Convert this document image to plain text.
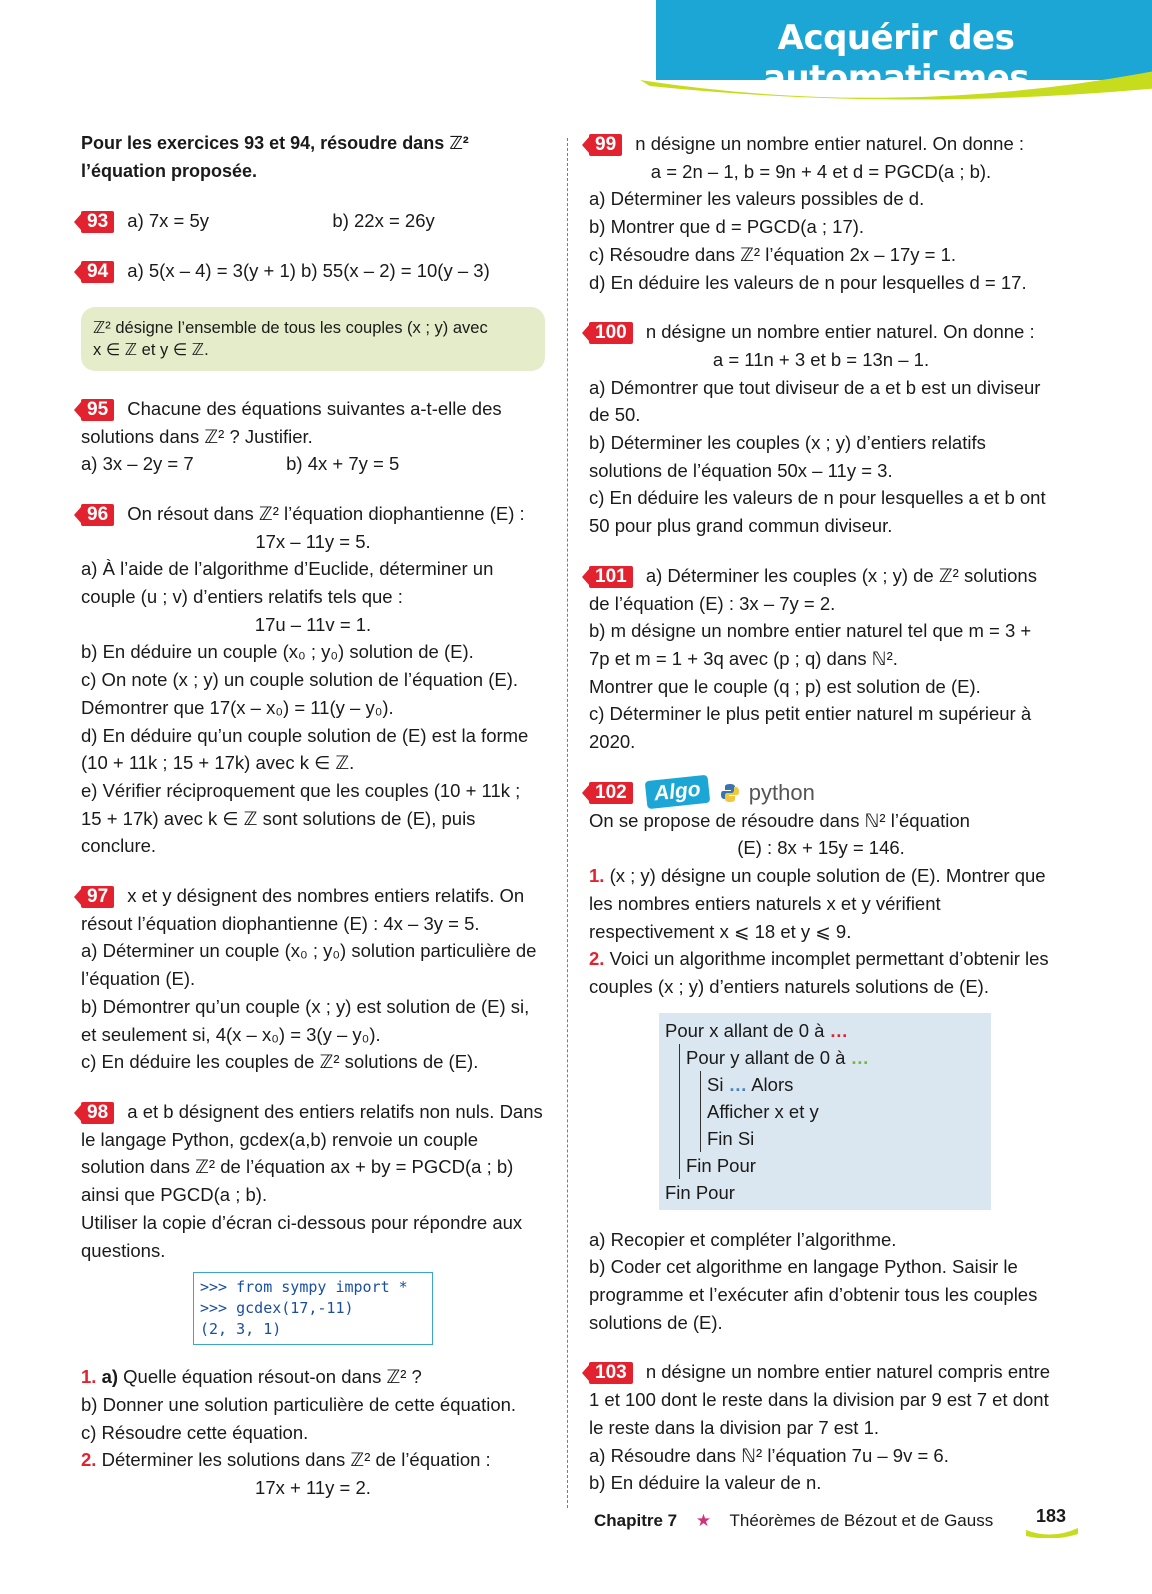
Acquérir des automatismes
Pour les exercices 93 et 94, résoudre dans ℤ² l’équation proposée.
93 a) 7x = 5y	b) 22x = 26y
94 a) 5(x – 4) = 3(y + 1) b) 55(x – 2) = 10(y – 3)
ℤ² désigne l’ensemble de tous les couples (x ; y) avec
x ∈ ℤ et y ∈ ℤ.
95 Chacune des équations suivantes a-t-elle des solutions dans ℤ² ? Justifier.
a) 3x – 2y = 7	b) 4x + 7y = 5
96 On résout dans ℤ² l’équation diophantienne (E) :
17x – 11y = 5.
a) À l’aide de l’algorithme d’Euclide, déterminer un couple (u ; v) d’entiers relatifs tels que :
17u – 11v = 1.
b) En déduire un couple (x₀ ; y₀) solution de (E).
c) On note (x ; y) un couple solution de l’équation (E). Démontrer que 17(x – x₀) = 11(y – y₀).
d) En déduire qu’un couple solution de (E) est la forme (10 + 11k ; 15 + 17k) avec k ∈ ℤ.
e) Vérifier réciproquement que les couples (10 + 11k ; 15 + 17k) avec k ∈ ℤ sont solutions de (E), puis conclure.
97 x et y désignent des nombres entiers relatifs. On résout l’équation diophantienne (E) : 4x – 3y = 5.
a) Déterminer un couple (x₀ ; y₀) solution particulière de l’équation (E).
b) Démontrer qu’un couple (x ; y) est solution de (E) si, et seulement si, 4(x – x₀) = 3(y – y₀).
c) En déduire les couples de ℤ² solutions de (E).
98 a et b désignent des entiers relatifs non nuls. Dans le langage Python, gcdex(a,b) renvoie un couple solution dans ℤ² de l’équation ax + by = PGCD(a ; b) ainsi que PGCD(a ; b).
Utiliser la copie d’écran ci-dessous pour répondre aux questions.
>>> from sympy import *
>>> gcdex(17,-11)
(2, 3, 1)
1. a) Quelle équation résout-on dans ℤ² ?
b) Donner une solution particulière de cette équation.
c) Résoudre cette équation.
2. Déterminer les solutions dans ℤ² de l’équation :
17x + 11y = 2.
99 n désigne un nombre entier naturel. On donne :
a = 2n – 1, b = 9n + 4 et d = PGCD(a ; b).
a) Déterminer les valeurs possibles de d.
b) Montrer que d = PGCD(a ; 17).
c) Résoudre dans ℤ² l’équation 2x – 17y = 1.
d) En déduire les valeurs de n pour lesquelles d = 17.
100 n désigne un nombre entier naturel. On donne :
a = 11n + 3 et b = 13n – 1.
a) Démontrer que tout diviseur de a et b est un diviseur de 50.
b) Déterminer les couples (x ; y) d’entiers relatifs solutions de l’équation 50x – 11y = 3.
c) En déduire les valeurs de n pour lesquelles a et b ont 50 pour plus grand commun diviseur.
101 a) Déterminer les couples (x ; y) de ℤ² solutions de l’équation (E) : 3x – 7y = 2.
b) m désigne un nombre entier naturel tel que m = 3 + 7p et m = 1 + 3q avec (p ; q) dans ℕ².
Montrer que le couple (q ; p) est solution de (E).
c) Déterminer le plus petit entier naturel m supérieur à 2020.
102 Algo python
On se propose de résoudre dans ℕ² l’équation
(E) : 8x + 15y = 146.
1. (x ; y) désigne un couple solution de (E). Montrer que les nombres entiers naturels x et y vérifient respectivement x ⩽ 18 et y ⩽ 9.
2. Voici un algorithme incomplet permettant d’obtenir les couples (x ; y) d’entiers naturels solutions de (E).
Pour x allant de 0 à …
Pour y allant de 0 à …
Si … Alors
Afficher x et y
Fin Si
Fin Pour
Fin Pour
a) Recopier et compléter l’algorithme.
b) Coder cet algorithme en langage Python. Saisir le programme et l’exécuter afin d’obtenir tous les couples solutions de (E).
103 n désigne un nombre entier naturel compris entre 1 et 100 dont le reste dans la division par 9 est 7 et dont le reste dans la division par 7 est 1.
a) Résoudre dans ℕ² l’équation 7u – 9v = 6.
b) En déduire la valeur de n.
Chapitre 7 ★ Théorèmes de Bézout et de Gauss 183
